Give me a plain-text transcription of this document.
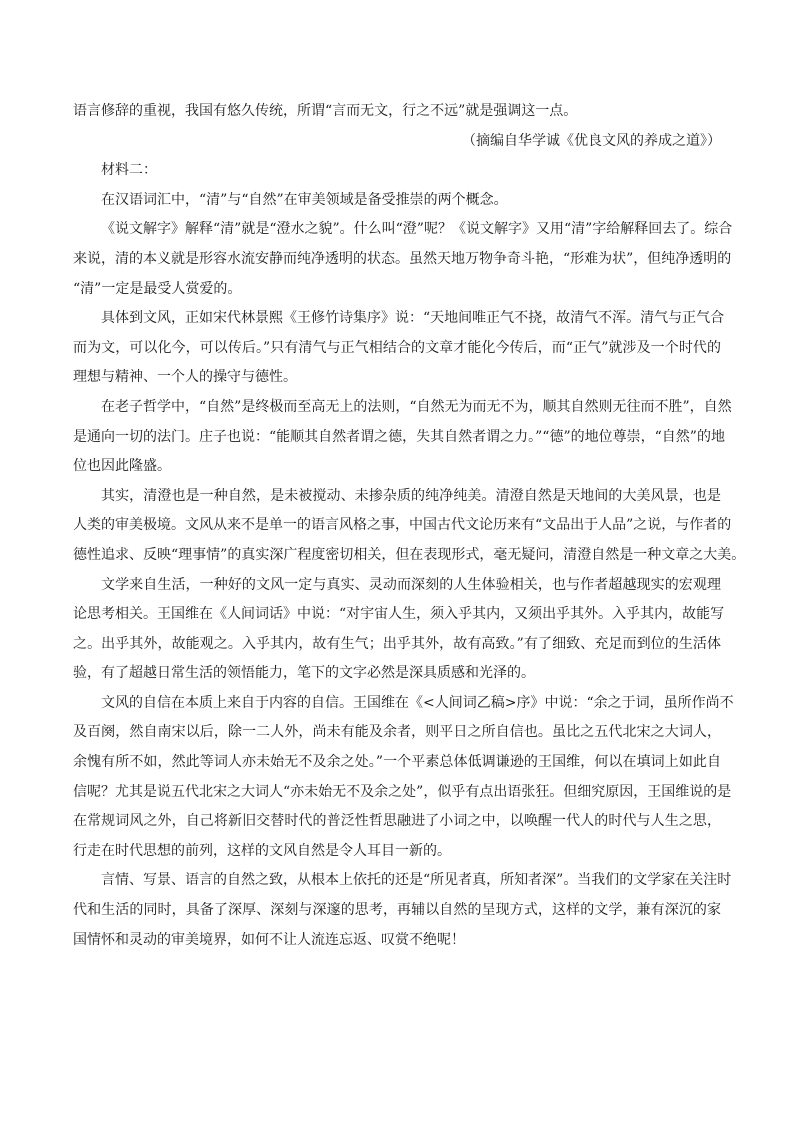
语言修辞的重视，我国有悠久传统，所谓“言而无文，行之不远”就是强调这一点。

（摘编自华学诚《优良文风的养成之道》）

材料二：

在汉语词汇中，“清”与“自然”在审美领域是备受推崇的两个概念。

《说文解字》解释“清”就是“澄水之貌”。什么叫“澄”呢？《说文解字》又用“清”字给解释回去了。综合

来说，清的本义就是形容水流安静而纯净透明的状态。虽然天地万物争奇斗艳，“形难为状”，但纯净透明的

“清”一定是最受人赏爱的。

具体到文风，正如宋代林景熙《王修竹诗集序》说：“天地间唯正气不挠，故清气不浑。清气与正气合

而为文，可以化今，可以传后。”只有清气与正气相结合的文章才能化今传后，而“正气”就涉及一个时代的

理想与精神、一个人的操守与德性。

在老子哲学中，“自然”是终极而至高无上的法则，“自然无为而无不为，顺其自然则无往而不胜”，自然

是通向一切的法门。庄子也说：“能顺其自然者谓之德，失其自然者谓之力。”“德”的地位尊崇，“自然”的地

位也因此隆盛。

其实，清澄也是一种自然，是未被搅动、未掺杂质的纯净纯美。清澄自然是天地间的大美风景，也是

人类的审美极境。文风从来不是单一的语言风格之事，中国古代文论历来有“文品出于人品”之说，与作者的

德性追求、反映“理事情”的真实深广程度密切相关，但在表现形式，毫无疑问，清澄自然是一种文章之大美。

文学来自生活，一种好的文风一定与真实、灵动而深刻的人生体验相关，也与作者超越现实的宏观理

论思考相关。王国维在《人间词话》中说：“对宇宙人生，须入乎其内，又须出乎其外。入乎其内，故能写

之。出乎其外，故能观之。入乎其内，故有生气；出乎其外，故有高致。”有了细致、充足而到位的生活体

验，有了超越日常生活的领悟能力，笔下的文字必然是深具质感和光泽的。

文风的自信在本质上来自于内容的自信。王国维在《<人间词乙稿>序》中说：“余之于词，虽所作尚不

及百阕，然自南宋以后，除一二人外，尚未有能及余者，则平日之所自信也。虽比之五代北宋之大词人，

余愧有所不如，然此等词人亦未始无不及余之处。”一个平素总体低调谦逊的王国维，何以在填词上如此自

信呢？尤其是说五代北宋之大词人“亦未始无不及余之处”，似乎有点出语张狂。但细究原因，王国维说的是

在常规词风之外，自己将新旧交替时代的普泛性哲思融进了小词之中，以唤醒一代人的时代与人生之思，

行走在时代思想的前列，这样的文风自然是令人耳目一新的。

言情、写景、语言的自然之致，从根本上依托的还是“所见者真，所知者深”。当我们的文学家在关注时

代和生活的同时，具备了深厚、深刻与深邃的思考，再辅以自然的呈现方式，这样的文学，兼有深沉的家

国情怀和灵动的审美境界，如何不让人流连忘返、叹赏不绝呢！
